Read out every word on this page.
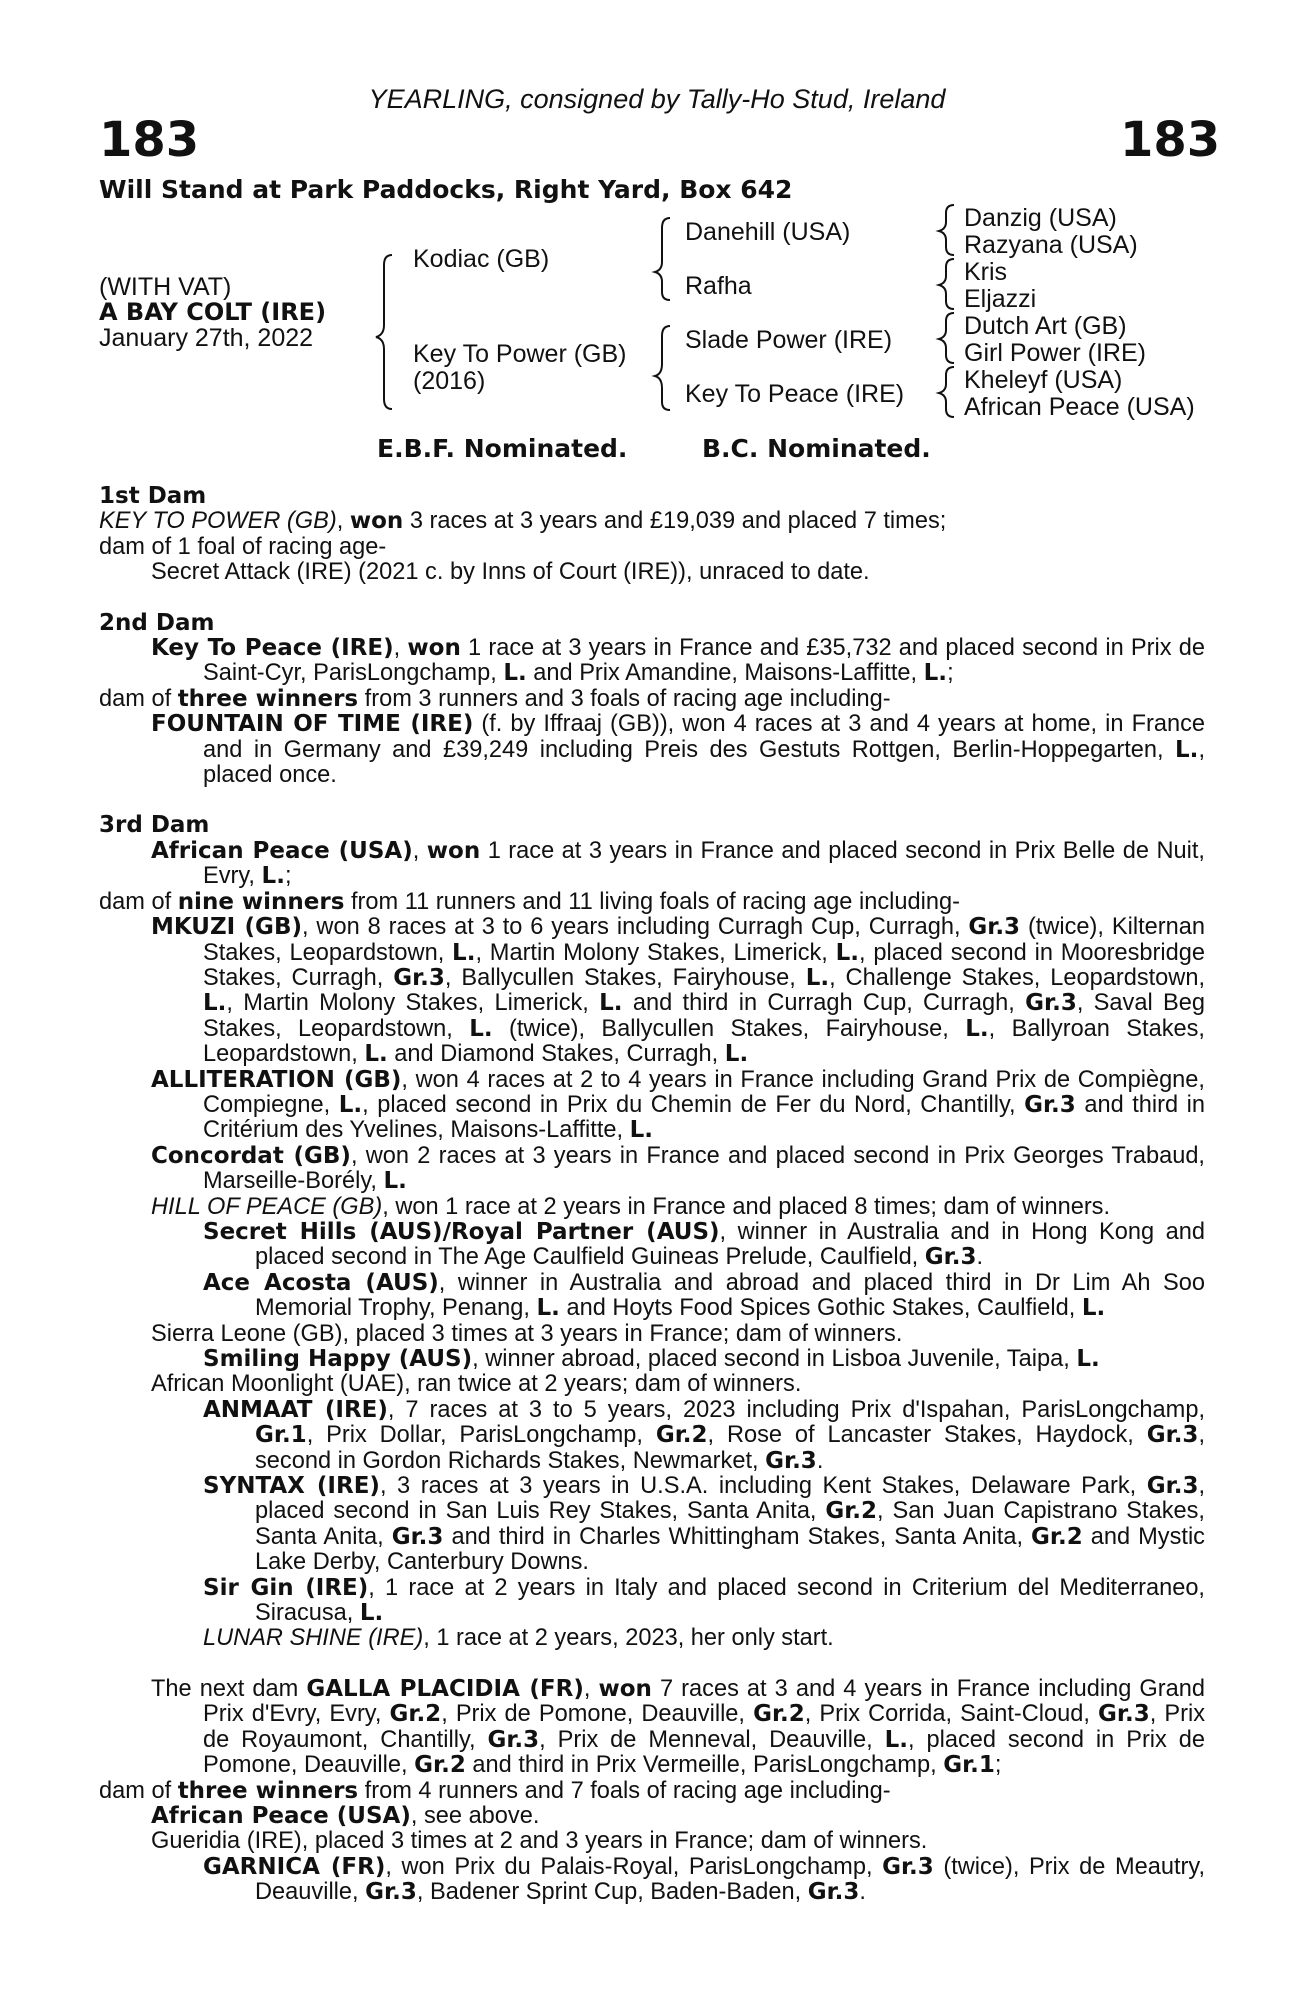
YEARLING, consigned by Tally-Ho Stud, Ireland
183	183
Will Stand at Park Paddocks, Right Yard, Box 642
(WITH VAT)
A BAY COLT (IRE)
January 27th, 2022
Kodiac (GB)
Key To Power (GB)
(2016)
Danehill (USA)
Rafha
Slade Power (IRE)
Key To Peace (IRE)
Danzig (USA)
Razyana (USA)
Kris
Eljazzi
Dutch Art (GB)
Girl Power (IRE)
Kheleyf (USA)
African Peace (USA)
E.B.F. Nominated.	B.C. Nominated.

1st Dam

KEY TO POWER (GB), won 3 races at 3 years and £19,039 and placed 7 times;

dam of 1 foal of racing age-

Secret Attack (IRE) (2021 c. by Inns of Court (IRE)), unraced to date.

2nd Dam

Key To Peace (IRE), won 1 race at 3 years in France and £35,732 and placed second in Prix de Saint-Cyr, ParisLongchamp, L. and Prix Amandine, Maisons-Laffitte, L.;

dam of three winners from 3 runners and 3 foals of racing age including-

FOUNTAIN OF TIME (IRE) (f. by Iffraaj (GB)), won 4 races at 3 and 4 years at home, in France and in Germany and £39,249 including Preis des Gestuts Rottgen, Berlin-Hoppegarten, L., placed once.

3rd Dam

African Peace (USA), won 1 race at 3 years in France and placed second in Prix Belle de Nuit, Evry, L.;

dam of nine winners from 11 runners and 11 living foals of racing age including-

MKUZI (GB), won 8 races at 3 to 6 years including Curragh Cup, Curragh, Gr.3 (twice), Kilternan Stakes, Leopardstown, L., Martin Molony Stakes, Limerick, L., placed second in Mooresbridge Stakes, Curragh, Gr.3, Ballycullen Stakes, Fairyhouse, L., Challenge Stakes, Leopardstown, L., Martin Molony Stakes, Limerick, L. and third in Curragh Cup, Curragh, Gr.3, Saval Beg Stakes, Leopardstown, L. (twice), Ballycullen Stakes, Fairyhouse, L., Ballyroan Stakes, Leopardstown, L. and Diamond Stakes, Curragh, L.

ALLITERATION (GB), won 4 races at 2 to 4 years in France including Grand Prix de Compiègne, Compiegne, L., placed second in Prix du Chemin de Fer du Nord, Chantilly, Gr.3 and third in Critérium des Yvelines, Maisons-Laffitte, L.

Concordat (GB), won 2 races at 3 years in France and placed second in Prix Georges Trabaud, Marseille-Borély, L.

HILL OF PEACE (GB), won 1 race at 2 years in France and placed 8 times; dam of winners.

Secret Hills (AUS)/Royal Partner (AUS), winner in Australia and in Hong Kong and placed second in The Age Caulfield Guineas Prelude, Caulfield, Gr.3.

Ace Acosta (AUS), winner in Australia and abroad and placed third in Dr Lim Ah Soo Memorial Trophy, Penang, L. and Hoyts Food Spices Gothic Stakes, Caulfield, L.

Sierra Leone (GB), placed 3 times at 3 years in France; dam of winners.

Smiling Happy (AUS), winner abroad, placed second in Lisboa Juvenile, Taipa, L.

African Moonlight (UAE), ran twice at 2 years; dam of winners.

ANMAAT (IRE), 7 races at 3 to 5 years, 2023 including Prix d'Ispahan, ParisLongchamp, Gr.1, Prix Dollar, ParisLongchamp, Gr.2, Rose of Lancaster Stakes, Haydock, Gr.3, second in Gordon Richards Stakes, Newmarket, Gr.3.

SYNTAX (IRE), 3 races at 3 years in U.S.A. including Kent Stakes, Delaware Park, Gr.3, placed second in San Luis Rey Stakes, Santa Anita, Gr.2, San Juan Capistrano Stakes, Santa Anita, Gr.3 and third in Charles Whittingham Stakes, Santa Anita, Gr.2 and Mystic Lake Derby, Canterbury Downs.

Sir Gin (IRE), 1 race at 2 years in Italy and placed second in Criterium del Mediterraneo, Siracusa, L.

LUNAR SHINE (IRE), 1 race at 2 years, 2023, her only start.

The next dam GALLA PLACIDIA (FR), won 7 races at 3 and 4 years in France including Grand Prix d'Evry, Evry, Gr.2, Prix de Pomone, Deauville, Gr.2, Prix Corrida, Saint-Cloud, Gr.3, Prix de Royaumont, Chantilly, Gr.3, Prix de Menneval, Deauville, L., placed second in Prix de Pomone, Deauville, Gr.2 and third in Prix Vermeille, ParisLongchamp, Gr.1;

dam of three winners from 4 runners and 7 foals of racing age including-

African Peace (USA), see above.

Gueridia (IRE), placed 3 times at 2 and 3 years in France; dam of winners.

GARNICA (FR), won Prix du Palais-Royal, ParisLongchamp, Gr.3 (twice), Prix de Meautry, Deauville, Gr.3, Badener Sprint Cup, Baden-Baden, Gr.3.
